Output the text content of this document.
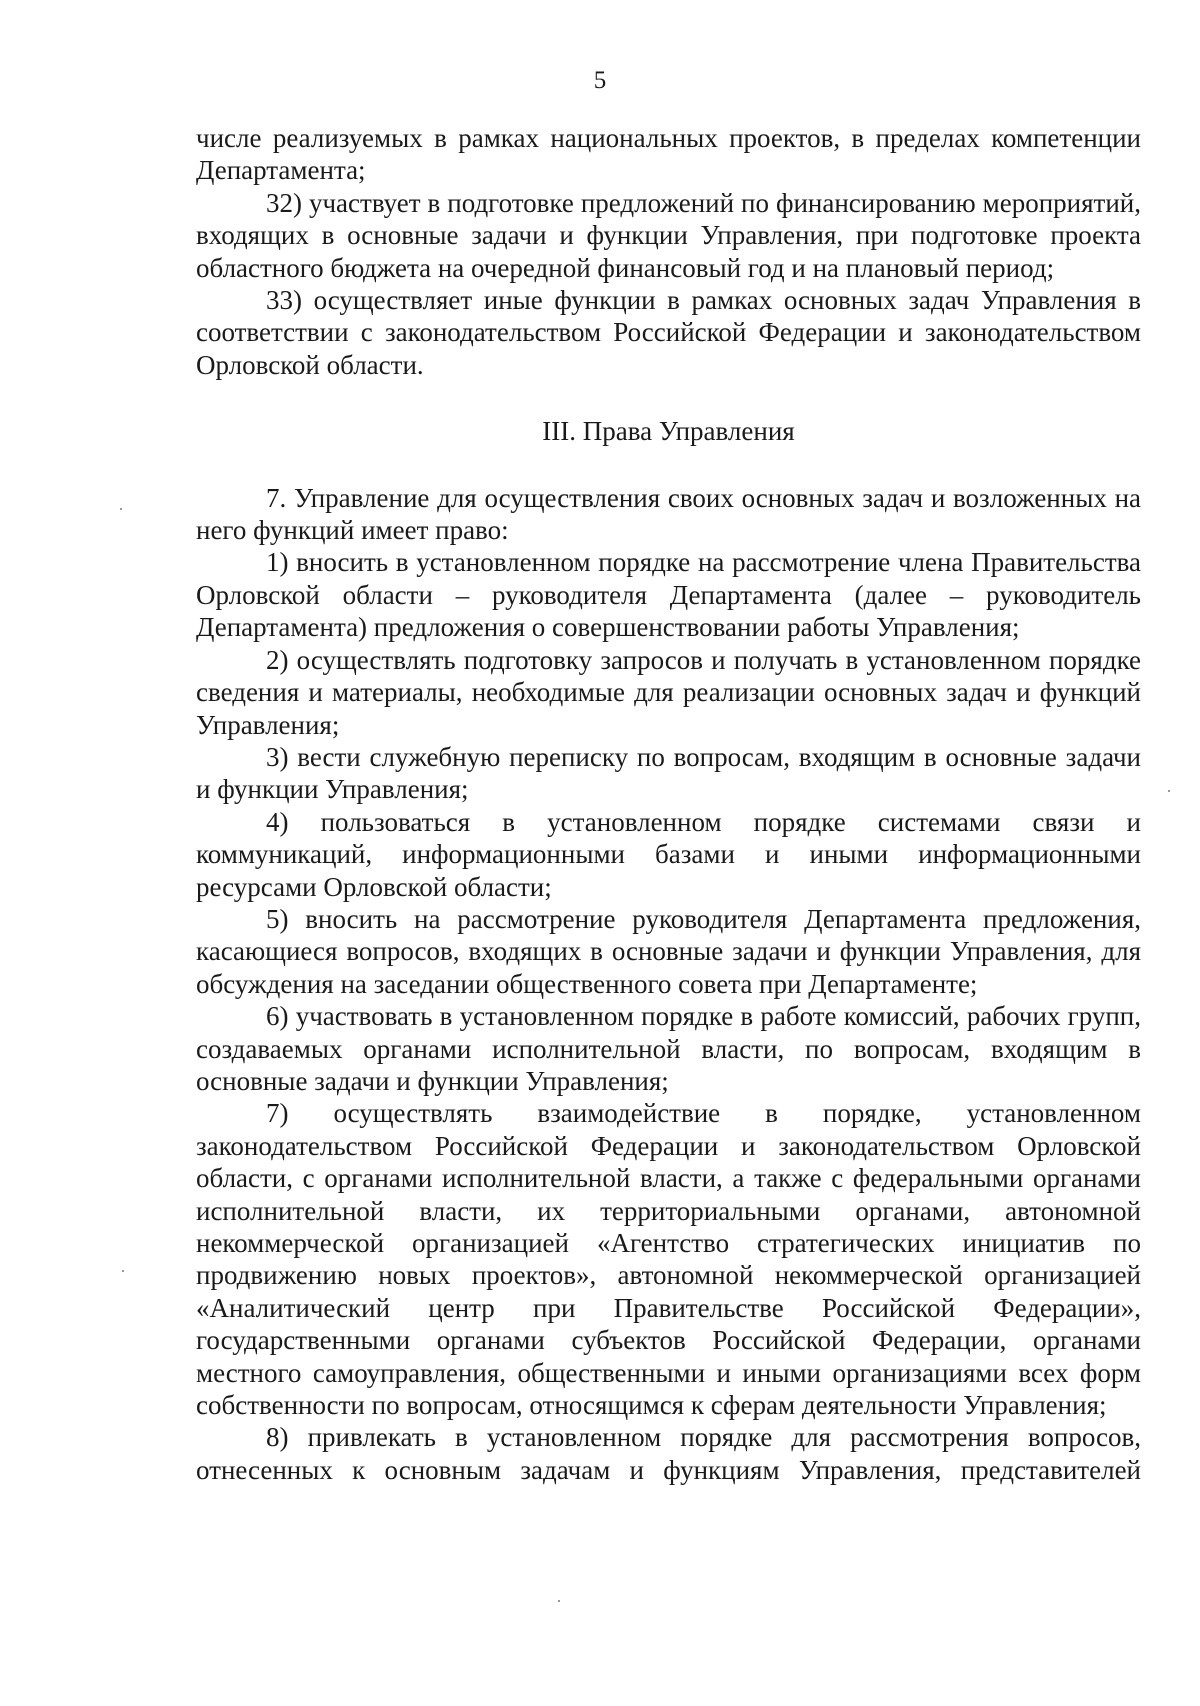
5

числе реализуемых в рамках национальных проектов, в пределах компетенции Департамента;

32) участвует в подготовке предложений по финансированию мероприятий, входящих в основные задачи и функции Управления, при подготовке проекта областного бюджета на очередной финансовый год и на плановый период;

33) осуществляет иные функции в рамках основных задач Управления в соответствии с законодательством Российской Федерации и законодательством Орловской области.

III. Права Управления

7. Управление для осуществления своих основных задач и возложенных на него функций имеет право:

1) вносить в установленном порядке на рассмотрение члена Правительства Орловской области – руководителя Департамента (далее – руководитель Департамента) предложения о совершенствовании работы Управления;

2) осуществлять подготовку запросов и получать в установленном порядке сведения и материалы, необходимые для реализации основных задач и функций Управления;

3) вести служебную переписку по вопросам, входящим в основные задачи и функции Управления;

4) пользоваться в установленном порядке системами связи и коммуникаций, информационными базами и иными информационными ресурсами Орловской области;

5) вносить на рассмотрение руководителя Департамента предложения, касающиеся вопросов, входящих в основные задачи и функции Управления, для обсуждения на заседании общественного совета при Департаменте;

6) участвовать в установленном порядке в работе комиссий, рабочих групп, создаваемых органами исполнительной власти, по вопросам, входящим в основные задачи и функции Управления;

7) осуществлять взаимодействие в порядке, установленном законодательством Российской Федерации и законодательством Орловской области, с органами исполнительной власти, а также с федеральными органами исполнительной власти, их территориальными органами, автономной некоммерческой организацией «Агентство стратегических инициатив по продвижению новых проектов», автономной некоммерческой организацией «Аналитический центр при Правительстве Российской Федерации», государственными органами субъектов Российской Федерации, органами местного самоуправления, общественными и иными организациями всех форм собственности по вопросам, относящимся к сферам деятельности Управления;

8) привлекать в установленном порядке для рассмотрения вопросов, отнесенных к основным задачам и функциям Управления, представителей
